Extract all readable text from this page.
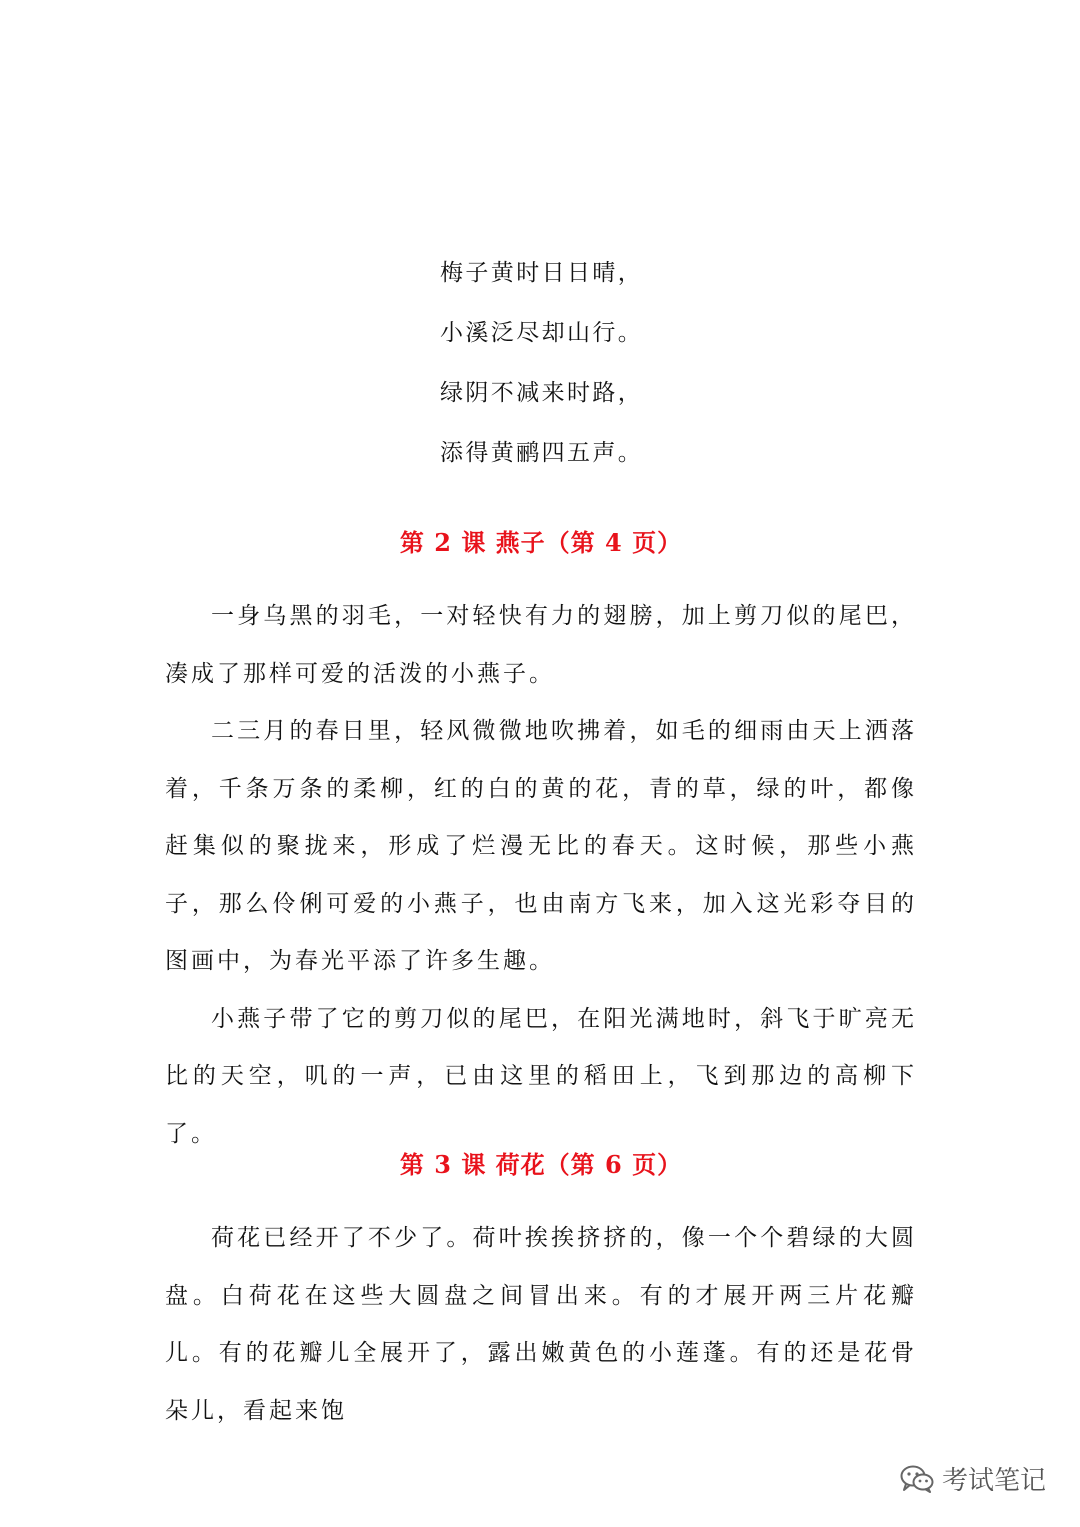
梅子黄时日日晴，
小溪泛尽却山行。
绿阴不减来时路，
添得黄鹂四五声。
第 2 课 燕子（第 4 页）

一身乌黑的羽毛，一对轻快有力的翅膀，加上剪刀似的尾巴，凑成了那样可爱的活泼的小燕子。

二三月的春日里，轻风微微地吹拂着，如毛的细雨由天上洒落着，千条万条的柔柳，红的白的黄的花，青的草，绿的叶，都像赶集似的聚拢来，形成了烂漫无比的春天。这时候，那些小燕子，那么伶俐可爱的小燕子，也由南方飞来，加入这光彩夺目的图画中，为春光平添了许多生趣。

小燕子带了它的剪刀似的尾巴，在阳光满地时，斜飞于旷亮无比的天空，叽的一声，已由这里的稻田上，飞到那边的高柳下了。

第 3 课 荷花（第 6 页）

荷花已经开了不少了。荷叶挨挨挤挤的，像一个个碧绿的大圆盘。白荷花在这些大圆盘之间冒出来。有的才展开两三片花瓣儿。有的花瓣儿全展开了，露出嫩黄色的小莲蓬。有的还是花骨朵儿，看起来饱

考试笔记
